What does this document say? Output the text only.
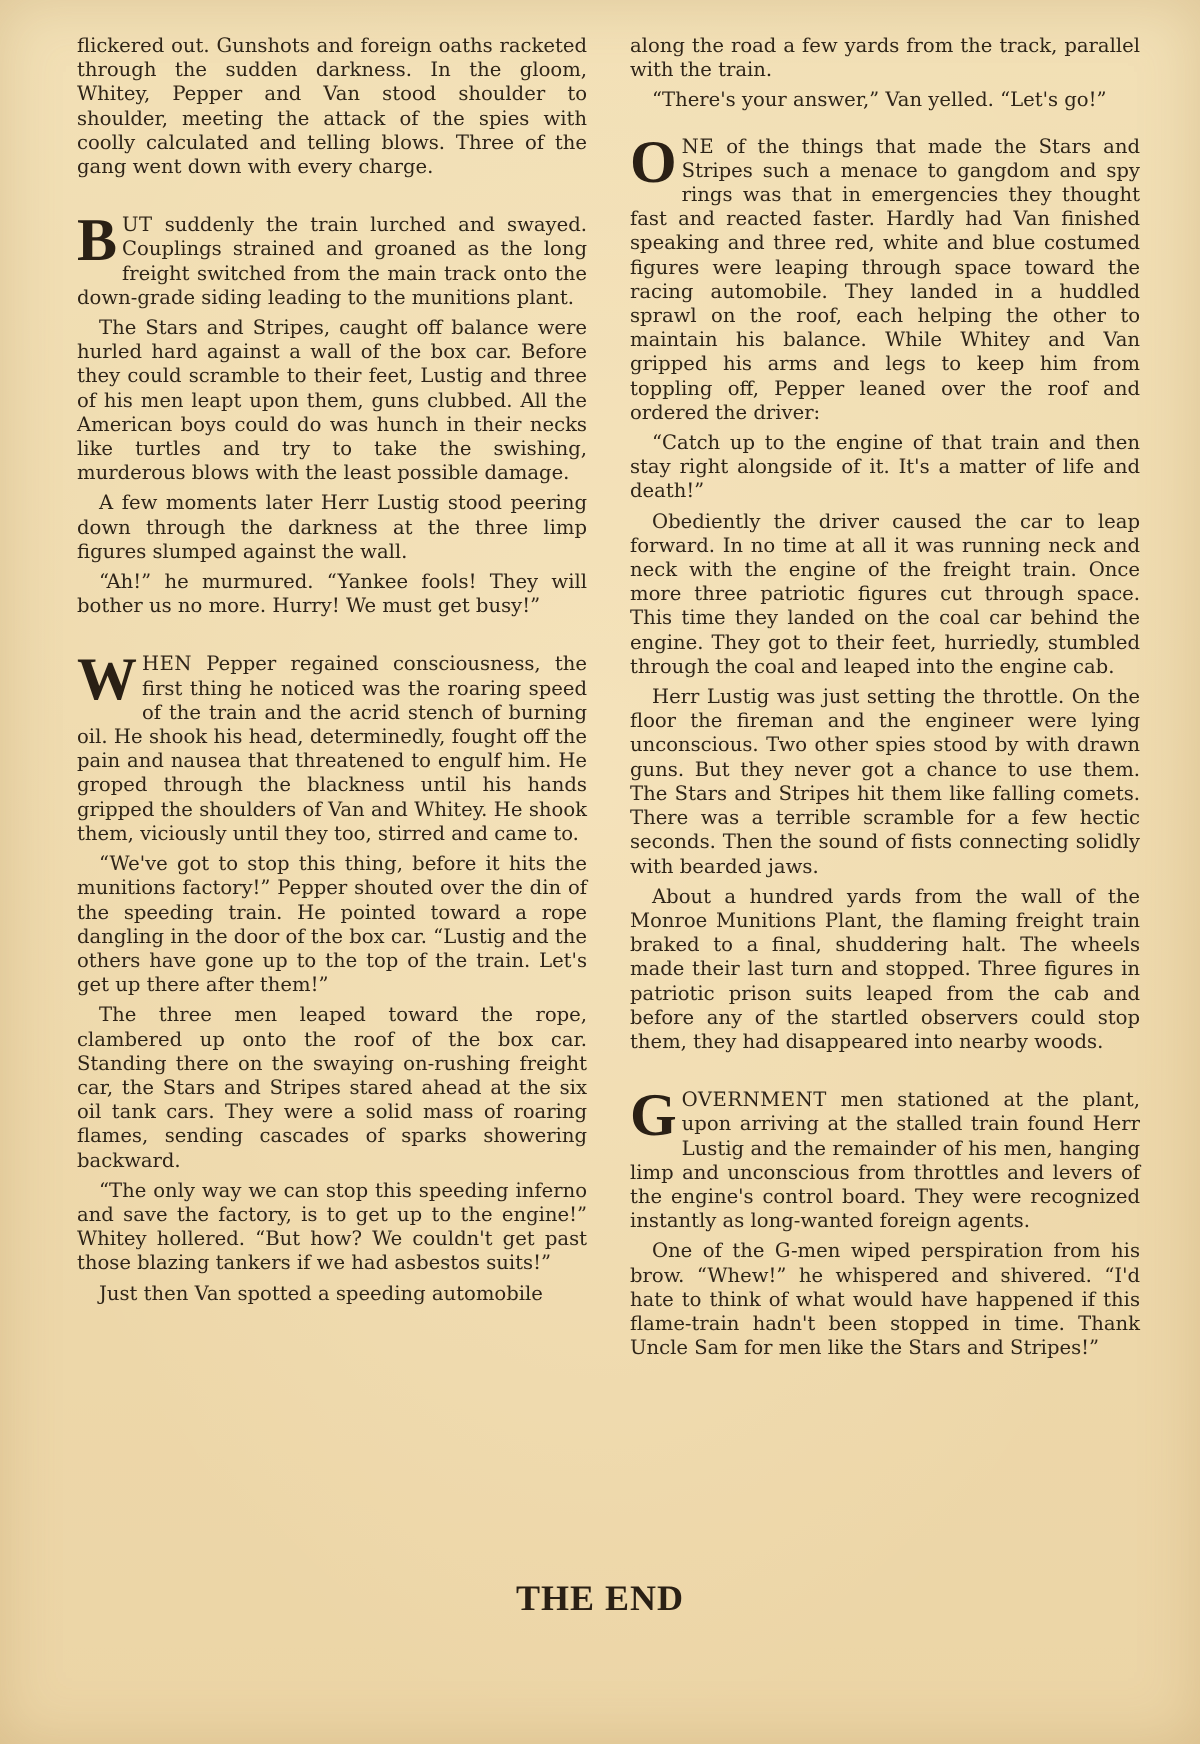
flickered out. Gunshots and foreign oaths racketed through the sudden darkness. In the gloom, Whitey, Pepper and Van stood shoulder to shoulder, meeting the attack of the spies with coolly calculated and telling blows. Three of the gang went down with every charge.

BUT suddenly the train lurched and swayed. Couplings strained and groaned as the long freight switched from the main track onto the down-grade siding leading to the munitions plant.

The Stars and Stripes, caught off balance were hurled hard against a wall of the box car. Before they could scramble to their feet, Lustig and three of his men leapt upon them, guns clubbed. All the American boys could do was hunch in their necks like turtles and try to take the swishing, murderous blows with the least possible damage.

A few moments later Herr Lustig stood peering down through the darkness at the three limp figures slumped against the wall.

“Ah!” he murmured. “Yankee fools! They will bother us no more. Hurry! We must get busy!”

WHEN Pepper regained consciousness, the first thing he noticed was the roaring speed of the train and the acrid stench of burning oil. He shook his head, determinedly, fought off the pain and nausea that threatened to engulf him. He groped through the blackness until his hands gripped the shoulders of Van and Whitey. He shook them, viciously until they too, stirred and came to.

“We've got to stop this thing, before it hits the munitions factory!” Pepper shouted over the din of the speeding train. He pointed toward a rope dangling in the door of the box car. “Lustig and the others have gone up to the top of the train. Let's get up there after them!”

The three men leaped toward the rope, clambered up onto the roof of the box car. Standing there on the swaying on-rushing freight car, the Stars and Stripes stared ahead at the six oil tank cars. They were a solid mass of roaring flames, sending cascades of sparks showering backward.

“The only way we can stop this speeding inferno and save the factory, is to get up to the engine!” Whitey hollered. “But how? We couldn't get past those blazing tankers if we had asbestos suits!”

Just then Van spotted a speeding automobile

along the road a few yards from the track, parallel with the train.

“There's your answer,” Van yelled. “Let's go!”

ONE of the things that made the Stars and Stripes such a menace to gangdom and spy rings was that in emergencies they thought fast and reacted faster. Hardly had Van finished speaking and three red, white and blue costumed figures were leaping through space toward the racing automobile. They landed in a huddled sprawl on the roof, each helping the other to maintain his balance. While Whitey and Van gripped his arms and legs to keep him from toppling off, Pepper leaned over the roof and ordered the driver:

“Catch up to the engine of that train and then stay right alongside of it. It's a matter of life and death!”

Obediently the driver caused the car to leap forward. In no time at all it was running neck and neck with the engine of the freight train. Once more three patriotic figures cut through space. This time they landed on the coal car behind the engine. They got to their feet, hurriedly, stumbled through the coal and leaped into the engine cab.

Herr Lustig was just setting the throttle. On the floor the fireman and the engineer were lying unconscious. Two other spies stood by with drawn guns. But they never got a chance to use them. The Stars and Stripes hit them like falling comets. There was a terrible scramble for a few hectic seconds. Then the sound of fists connecting solidly with bearded jaws.

About a hundred yards from the wall of the Monroe Munitions Plant, the flaming freight train braked to a final, shuddering halt. The wheels made their last turn and stopped. Three figures in patriotic prison suits leaped from the cab and before any of the startled observers could stop them, they had disappeared into nearby woods.

GOVERNMENT men stationed at the plant, upon arriving at the stalled train found Herr Lustig and the remainder of his men, hanging limp and unconscious from throttles and levers of the engine's control board. They were recognized instantly as long-wanted foreign agents.

One of the G-men wiped perspiration from his brow. “Whew!” he whispered and shivered. “I'd hate to think of what would have happened if this flame-train hadn't been stopped in time. Thank Uncle Sam for men like the Stars and Stripes!”

THE END
